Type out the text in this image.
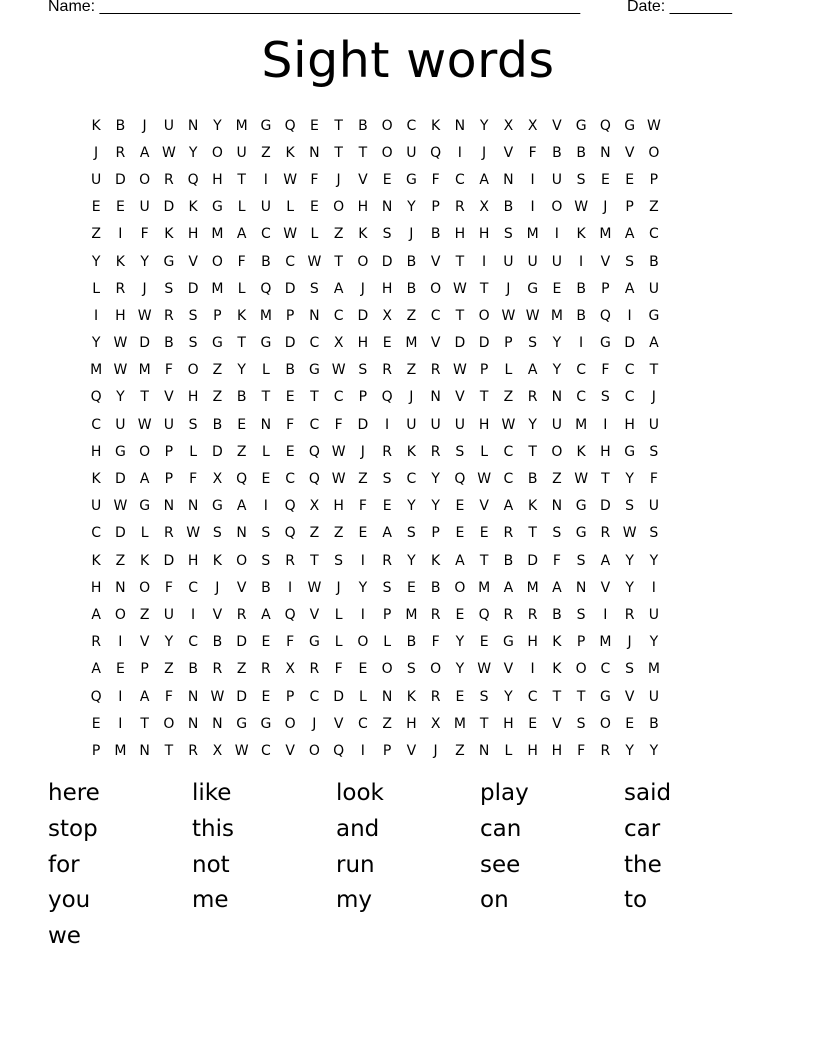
Name: ______________________________________________________	Date: _______
Sight words
K	B	J	U N	Y M G Q	E	T	B O C	K	N	Y	X	X	V	G Q G W
J	R	A W Y	O U	Z	K	N	T	T	O U Q	I	J	V	F	B	B	N	V O
U D O R Q H	T	I	W F	J	V	E	G	F	C	A	N	I	U	S	E	E	P
E	E	U D	K	G	L	U	L	E	O H N	Y	P	R	X	B	I	O W	J	P	Z
Z	I	F	K	H M A	C W L	Z	K	S	J	B	H H	S M	I	K M A	C
Y	K	Y	G	V O	F	B	C W T	O D	B	V	T	I	U	U	U	I	V	S	B
L	R	J	S	D M	L	Q D	S	A	J	H	B O W T	J	G	E	B	P	A	U
I	H W R	S	P	K M P	N	C D	X	Z	C	T	O W W M B Q	I	G
Y W D	B	S	G	T	G D C	X	H	E M V	D D	P	S	Y	I	G D	A
M W M	F	O Z	Y	L	B	G W S	R	Z	R W P	L	A	Y	C	F	C	T
Q	Y	T	V	H	Z	B	T	E	T	C	P	Q	J	N	V	T	Z	R	N	C	S	C	J
C	U W U	S	B	E	N	F	C	F	D	I	U	U	U H W Y	U M	I	H U
H G O	P	L	D	Z	L	E	Q W	J	R	K	R	S	L	C	T	O	K	H G	S
K	D	A	P	F	X Q	E	C Q W Z	S	C	Y	Q W C	B	Z W T	Y	F
U W G N N G	A	I	Q X	H	F	E	Y	Y	E	V	A	K	N G D	S	U
C D	L	R W S	N	S	Q Z	Z	E	A	S	P	E	E	R	T	S	G R W S
K	Z	K	D H	K	O	S	R	T	S	I	R	Y	K	A	T	B	D	F	S	A	Y	Y
H N O	F	C	J	V	B	I	W	J	Y	S	E	B O M A M A	N	V	Y	I
A O Z	U	I	V	R	A Q V	L	I	P M R	E	Q R	R	B	S	I	R	U
R	I	V	Y	C	B	D	E	F	G	L	O	L	B	F	Y	E	G H	K	P M	J	Y
A	E	P	Z	B	R	Z	R	X	R	F	E	O	S	O	Y W V	I	K	O C	S M
Q	I	A	F	N W D	E	P	C D	L	N	K	R	E	S	Y	C	T	T	G	V	U
E	I	T	O N N G G O	J	V	C	Z	H	X M T	H	E	V	S	O	E	B
P M N	T	R	X W C	V O Q	I	P	V	J	Z	N	L	H H	F	R	Y	Y
here	like	look	play	said
stop	this	and	can	car
for	not	run	see	the
you	me	my	on	to
we
